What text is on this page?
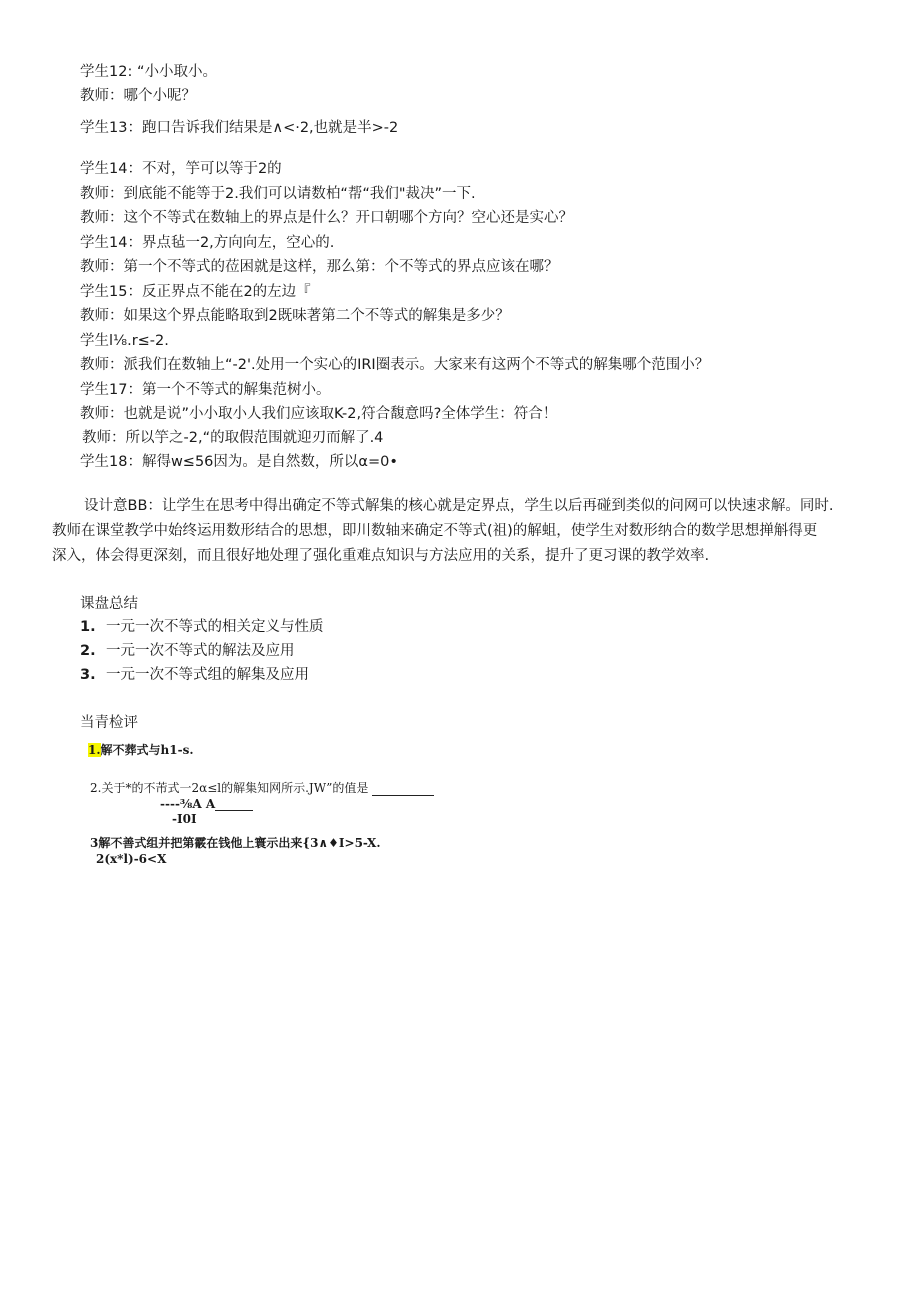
学生12: “小小取小。
教师：哪个小呢？
学生13：跑口告诉我们结果是∧<·2,也就是半>-2
学生14：不对，竽可以等于2的
教师：到底能不能等于2.我们可以请数柏“帮“我们"裁决”一下.
教师：这个不等式在数轴上的界点是什么？开口朝哪个方向？空心还是实心？
学生14：界点毡一2,方向向左，空心的.
教师：第一个不等式的莅困就是这样，那么第：个不等式的界点应该在哪？
学生15：反正界点不能在2的左边『
教师：如果这个界点能略取到2既味著第二个不等式的解集是多少？
学生l⅛.r≤-2.
教师：派我们在数轴上“-2'.处用一个实心的IRI圈表示。大家来有这两个不等式的解集哪个范围小？
学生17：第一个不等式的解集范树小。
教师：也就是说”小小取小人我们应该取K-2,符合馥意吗?全体学生：符合！
教师：所以竽之-2,“的取假范围就迎刃而解了.4
学生18：解得w≤56因为。是自然数，所以α=0•
设计意BB：让学生在思考中得出确定不等式解集的核心就是定界点，学生以后再碰到类似的问网可以快速求解。同时.
教师在课堂教学中始终运用数形结合的思想，即川数轴来确定不等式(祖)的解蛆，使学生对数形纳合的数学思想掸斛得更
深入，体会得更深刻，而且很好地处理了强化重难点知识与方法应用的关系，提升了更习课的教学效率.
课盘总结
1. 一元一次不等式的相关定义与性质
2. 一元一次不等式的解法及应用
3. 一元一次不等式组的解集及应用
当青检评
1.解不葬式与h1-s.
2.关于*的不芾式一2α≤l的解集知网所示.JW”的值是
----⅜A A
-I0I
3解不善式组并把第霰在钱他上寰示出来{3∧♦I>5-X.
2(x*l)-6<X
